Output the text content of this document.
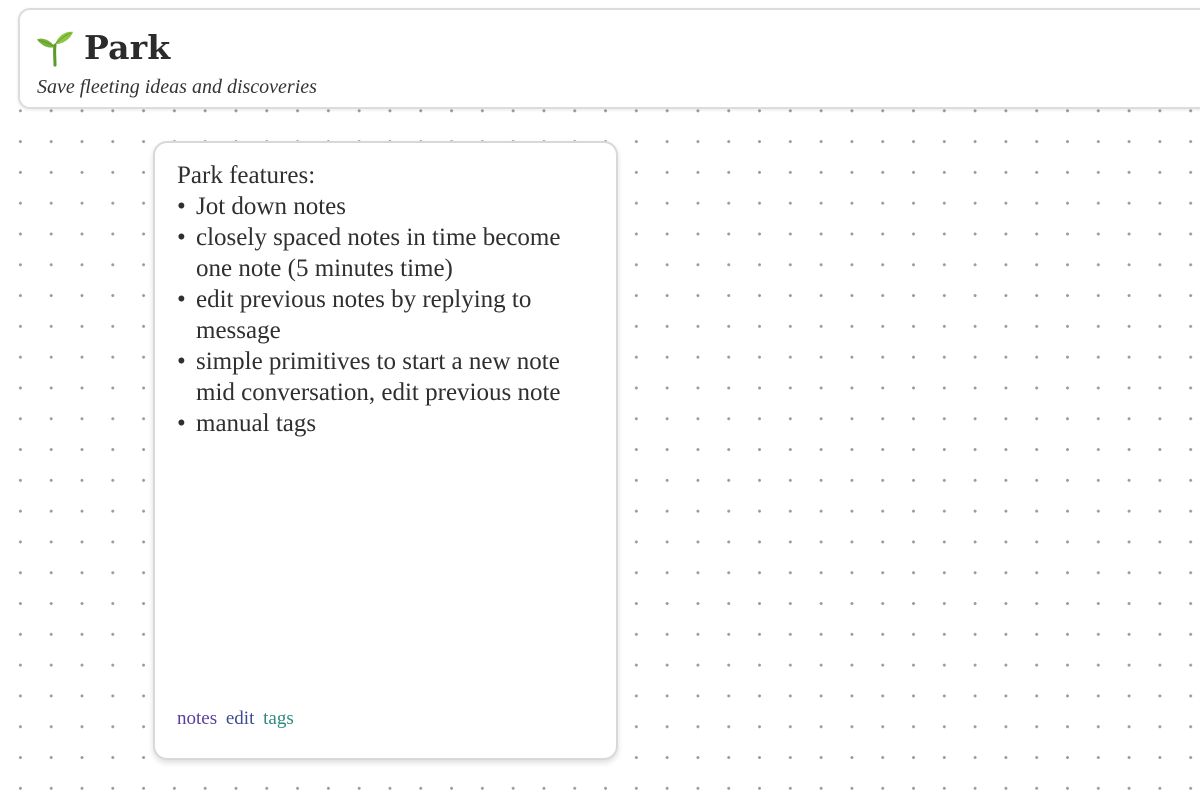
Park
Save fleeting ideas and discoveries
Park features:
• Jot down notes
• closely spaced notes in time become one note (5 minutes time)
• edit previous notes by replying to message
• simple primitives to start a new note mid conversation, edit previous note
• manual tags
notes edit tags
